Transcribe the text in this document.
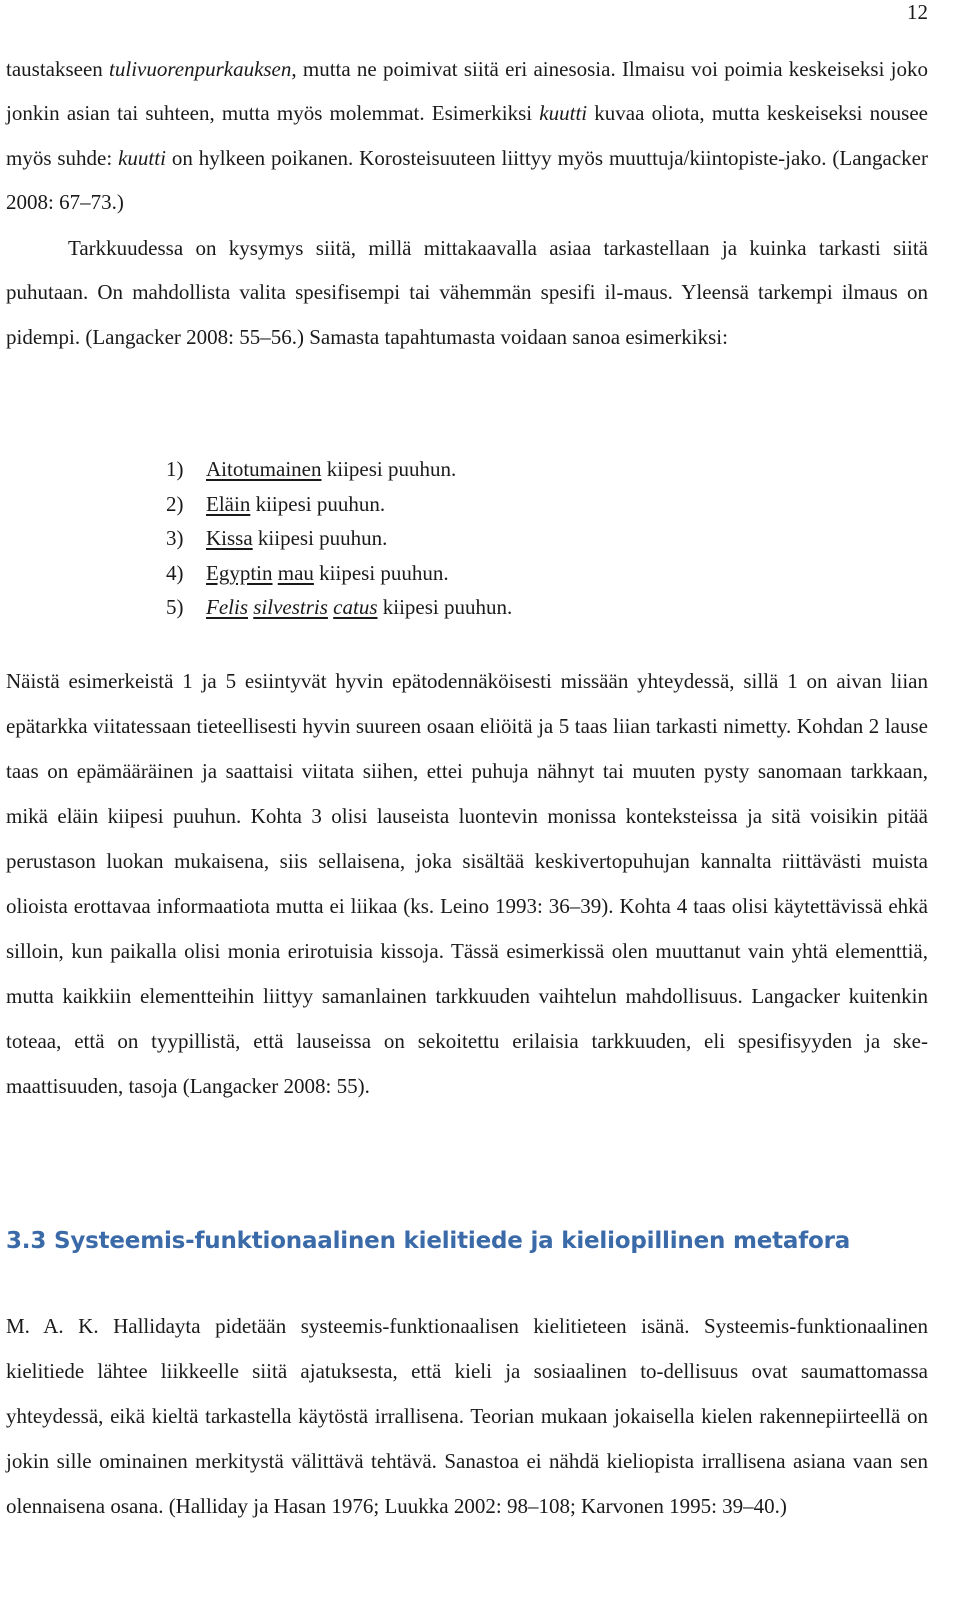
12

taustakseen tulivuorenpurkauksen, mutta ne poimivat siitä eri ainesosia. Ilmaisu voi poimia keskeiseksi joko jonkin asian tai suhteen, mutta myös molemmat. Esimerkiksi kuutti kuvaa oliota, mutta keskeiseksi nousee myös suhde: kuutti on hylkeen poikanen. Korosteisuuteen liittyy myös muuttuja/kiintopiste-jako. (Langacker 2008: 67–73.)

Tarkkuudessa on kysymys siitä, millä mittakaavalla asiaa tarkastellaan ja kuinka tarkasti siitä puhutaan. On mahdollista valita spesifisempi tai vähemmän spesifi il-maus. Yleensä tarkempi ilmaus on pidempi. (Langacker 2008: 55–56.) Samasta tapahtumasta voidaan sanoa esimerkiksi:

1) Aitotumainen kiipesi puuhun.
2) Eläin kiipesi puuhun.
3) Kissa kiipesi puuhun.
4) Egyptin mau kiipesi puuhun.
5) Felis silvestris catus kiipesi puuhun.

Näistä esimerkeistä 1 ja 5 esiintyvät hyvin epätodennäköisesti missään yhteydessä, sillä 1 on aivan liian epätarkka viitatessaan tieteellisesti hyvin suureen osaan eliöitä ja 5 taas liian tarkasti nimetty. Kohdan 2 lause taas on epämääräinen ja saattaisi viitata siihen, ettei puhuja nähnyt tai muuten pysty sanomaan tarkkaan, mikä eläin kiipesi puuhun. Kohta 3 olisi lauseista luontevin monissa konteksteissa ja sitä voisikin pitää perustason luokan mukaisena, siis sellaisena, joka sisältää keskivertopuhujan kannalta riittävästi muista olioista erottavaa informaatiota mutta ei liikaa (ks. Leino 1993: 36–39). Kohta 4 taas olisi käytettävissä ehkä silloin, kun paikalla olisi monia erirotuisia kissoja. Tässä esimerkissä olen muuttanut vain yhtä elementtiä, mutta kaikkiin elementteihin liittyy samanlainen tarkkuuden vaihtelun mahdollisuus. Langacker kuitenkin toteaa, että on tyypillistä, että lauseissa on sekoitettu erilaisia tarkkuuden, eli spesifisyyden ja ske-maattisuuden, tasoja (Langacker 2008: 55).

3.3 Systeemis-funktionaalinen kielitiede ja kieliopillinen metafora

M. A. K. Hallidayta pidetään systeemis-funktionaalisen kielitieteen isänä. Systeemis-funktionaalinen kielitiede lähtee liikkeelle siitä ajatuksesta, että kieli ja sosiaalinen to-dellisuus ovat saumattomassa yhteydessä, eikä kieltä tarkastella käytöstä irrallisena. Teorian mukaan jokaisella kielen rakennepiirteellä on jokin sille ominainen merkitystä välittävä tehtävä. Sanastoa ei nähdä kieliopista irrallisena asiana vaan sen olennaisena osana. (Halliday ja Hasan 1976; Luukka 2002: 98–108; Karvonen 1995: 39–40.)
